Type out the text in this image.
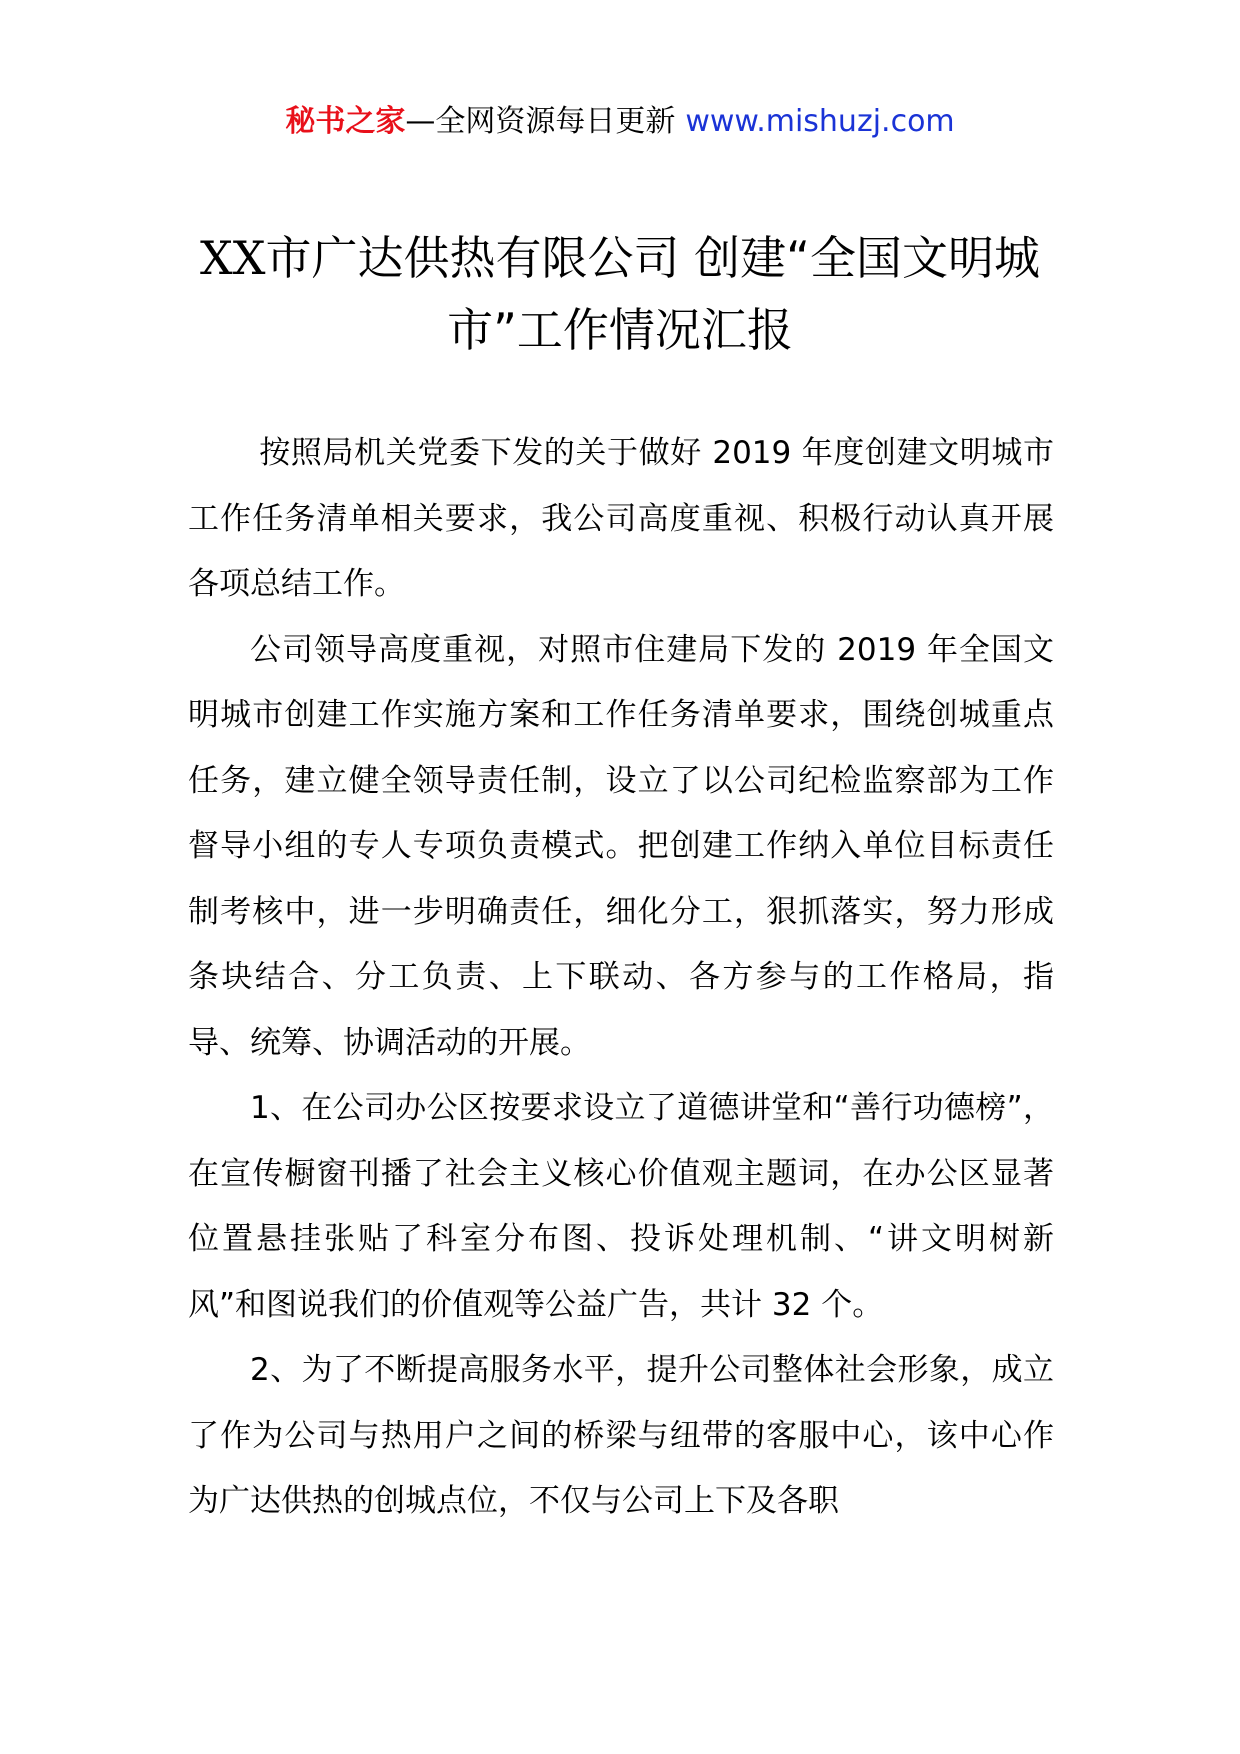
秘书之家—全网资源每日更新 www.mishuzj.com
XX市广达供热有限公司 创建“全国文明城市”工作情况汇报

按照局机关党委下发的关于做好 2019 年度创建文明城市工作任务清单相关要求，我公司高度重视、积极行动认真开展各项总结工作。

公司领导高度重视，对照市住建局下发的 2019 年全国文明城市创建工作实施方案和工作任务清单要求，围绕创城重点任务，建立健全领导责任制，设立了以公司纪检监察部为工作督导小组的专人专项负责模式。把创建工作纳入单位目标责任制考核中，进一步明确责任，细化分工，狠抓落实，努力形成条块结合、分工负责、上下联动、各方参与的工作格局，指导、统筹、协调活动的开展。

1、在公司办公区按要求设立了道德讲堂和“善行功德榜”，在宣传橱窗刊播了社会主义核心价值观主题词，在办公区显著位置悬挂张贴了科室分布图、投诉处理机制、“讲文明树新风”和图说我们的价值观等公益广告，共计 32 个。

2、为了不断提高服务水平，提升公司整体社会形象，成立了作为公司与热用户之间的桥梁与纽带的客服中心，该中心作为广达供热的创城点位，不仅与公司上下及各职
